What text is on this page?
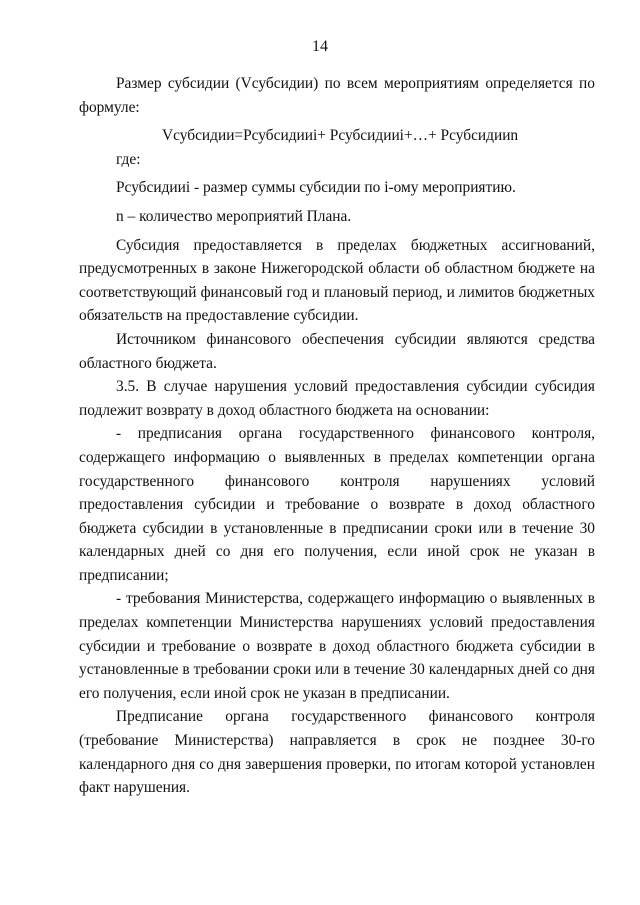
14

Размер субсидии (Vсубсидии) по всем мероприятиям определяется по формуле:

Vсубсидии=Pсубсидииi+ Pсубсидииi+…+ Pсубсидииn

где:

Pсубсидииi - размер суммы субсидии по i-ому мероприятию.

n – количество мероприятий Плана.

Субсидия предоставляется в пределах бюджетных ассигнований, предусмотренных в законе Нижегородской области об областном бюджете на соответствующий финансовый год и плановый период, и лимитов бюджетных обязательств на предоставление субсидии.

Источником финансового обеспечения субсидии являются средства областного бюджета.

3.5. В случае нарушения условий предоставления субсидии субсидия подлежит возврату в доход областного бюджета на основании:

- предписания органа государственного финансового контроля, содержащего информацию о выявленных в пределах компетенции органа государственного финансового контроля нарушениях условий предоставления субсидии и требование о возврате в доход областного бюджета субсидии в установленные в предписании сроки или в течение 30 календарных дней со дня его получения, если иной срок не указан в предписании;

- требования Министерства, содержащего информацию о выявленных в пределах компетенции Министерства нарушениях условий предоставления субсидии и требование о возврате в доход областного бюджета субсидии в установленные в требовании сроки или в течение 30 календарных дней со дня его получения, если иной срок не указан в предписании.

Предписание органа государственного финансового контроля (требование Министерства) направляется в срок не позднее 30-го календарного дня со дня завершения проверки, по итогам которой установлен факт нарушения.
